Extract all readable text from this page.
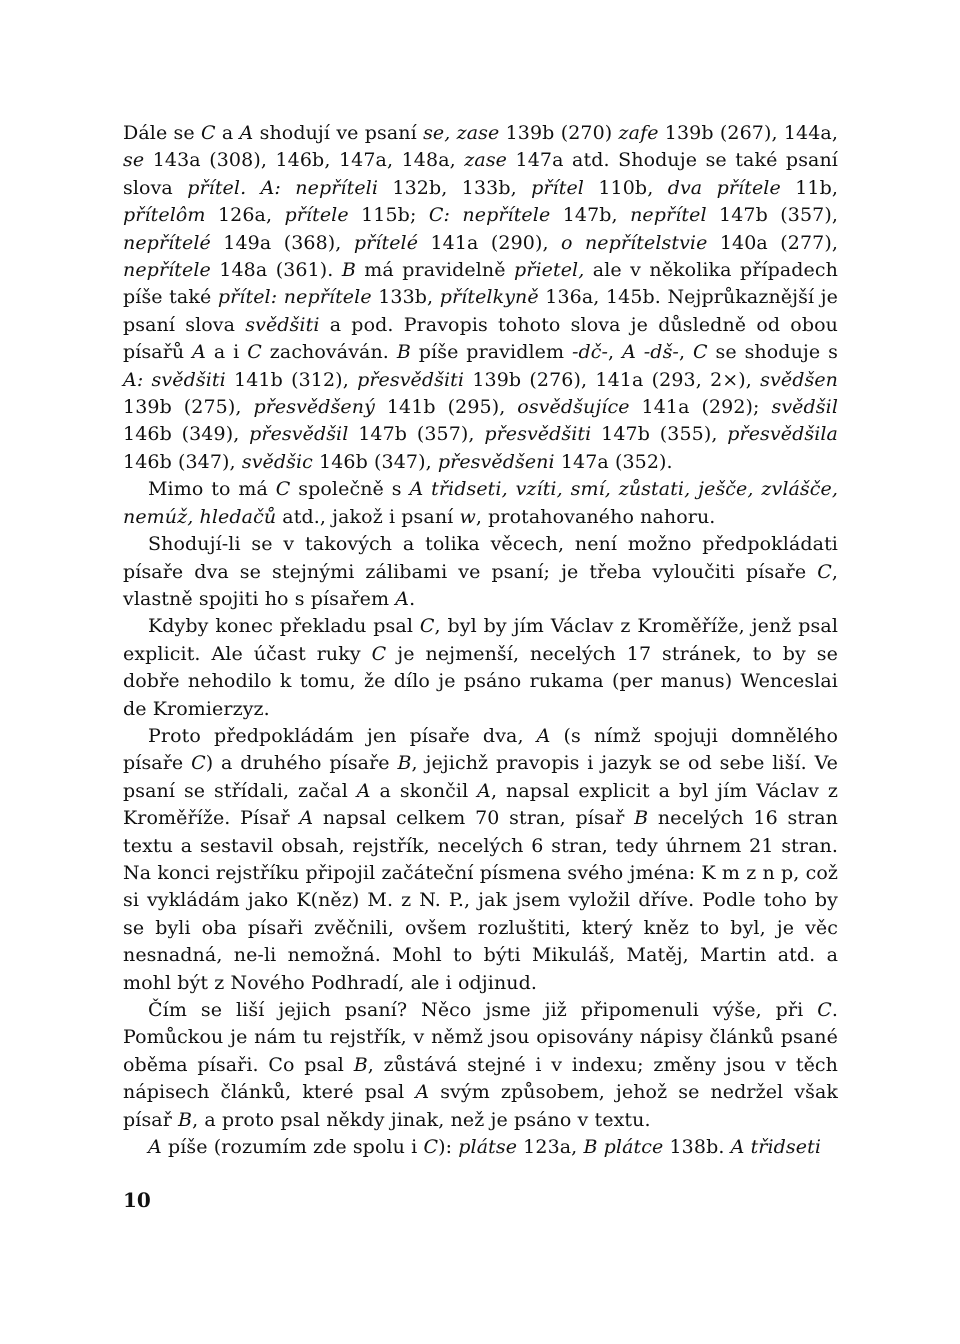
Dále se C a A shodují ve psaní se, zase 139b (270) zafe 139b (267), 144a, se 143a (308), 146b, 147a, 148a, zase 147a atd. Shoduje se také psaní slova přítel. A: nepříteli 132b, 133b, přítel 110b, dva přítele 11b, přítelôm 126a, přítele 115b; C: nepřítele 147b, nepřítel 147b (357), nepřítelé 149a (368), přítelé 141a (290), o nepřítelstvie 140a (277), nepřítele 148a (361). B má pravidelně přietel, ale v několika případech píše také přítel: nepřítele 133b, přítelkyně 136a, 145b. Nejprůkaznější je psaní slova svědšiti a pod. Pravopis tohoto slova je důsledně od obou písařů A a i C zachováván. B píše pravidlem -dč-, A -dš-, C se shoduje s A: svědšiti 141b (312), přesvědšiti 139b (276), 141a (293, 2×), svědšen 139b (275), přesvědšený 141b (295), osvědšujíce 141a (292); svědšil 146b (349), přesvědšil 147b (357), přesvědšiti 147b (355), přesvědšila 146b (347), svědšic 146b (347), přesvědšeni 147a (352).

Mimo to má C společně s A třidseti, vzíti, smí, zůstati, ješče, zvláščе, nemúž, hledačů atd., jakož i psaní w, protahovaného nahoru.

Shodují-li se v takových a tolika věcech, není možno předpokládati písaře dva se stejnými zálibami ve psaní; je třeba vyloučiti písaře C, vlastně spojiti ho s písařem A.

Kdyby konec překladu psal C, byl by jím Václav z Kroměříže, jenž psal explicit. Ale účast ruky C je nejmenší, necelých 17 stránek, to by se dobře nehodilo k tomu, že dílo je psáno rukama (per manus) Wenceslai de Kromierzyz.

Proto předpokládám jen písaře dva, A (s nímž spojuji domnělého písaře C) a druhého písaře B, jejichž pravopis i jazyk se od sebe liší. Ve psaní se střídali, začal A a skončil A, napsal explicit a byl jím Václav z Kroměříže. Písař A napsal celkem 70 stran, písař B necelých 16 stran textu a sestavil obsah, rejstřík, necelých 6 stran, tedy úhrnem 21 stran. Na konci rejstříku připojil začáteční písmena svého jména: K m z n p, což si vykládám jako K(něz) M. z N. P., jak jsem vyložil dříve. Podle toho by se byli oba písaři zvěčnili, ovšem rozluštiti, který kněz to byl, je věc nesnadná, ne-li nemožná. Mohl to býti Mikuláš, Matěj, Martin atd. a mohl být z Nového Podhradí, ale i odjinud.

Čím se liší jejich psaní? Něco jsme již připomenuli výše, při C. Pomůckou je nám tu rejstřík, v němž jsou opisovány nápisy článků psané oběma písaři. Co psal B, zůstává stejné i v indexu; změny jsou v těch nápisech článků, které psal A svým způsobem, jehož se nedržel však písař B, a proto psal někdy jinak, než je psáno v textu.

A píše (rozumím zde spolu i C): plátse 123a, B plátce 138b. A třidseti

10
